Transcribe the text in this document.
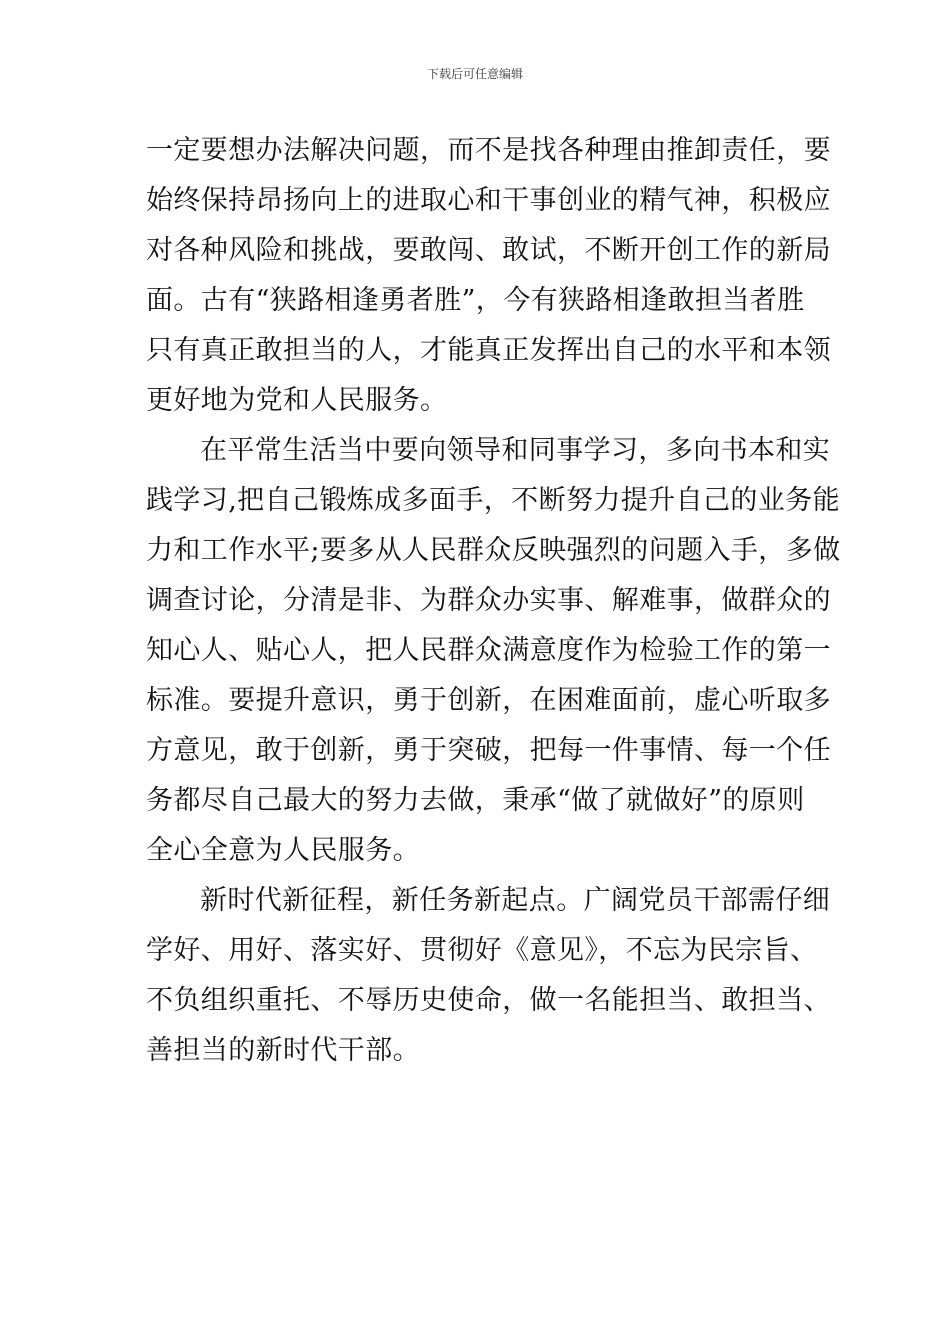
下载后可任意编辑
一定要想办法解决问题，而不是找各种理由推卸责任，要
始终保持昂扬向上的进取心和干事创业的精气神，积极应
对各种风险和挑战，要敢闯、敢试，不断开创工作的新局
面。古有“狭路相逢勇者胜”，今有狭路相逢敢担当者胜
只有真正敢担当的人，才能真正发挥出自己的水平和本领
更好地为党和人民服务。
在平常生活当中要向领导和同事学习，多向书本和实
践学习,把自己锻炼成多面手，不断努力提升自己的业务能
力和工作水平;要多从人民群众反映强烈的问题入手，多做
调查讨论，分清是非、为群众办实事、解难事，做群众的
知心人、贴心人，把人民群众满意度作为检验工作的第一
标准。要提升意识，勇于创新，在困难面前，虚心听取多
方意见，敢于创新，勇于突破，把每一件事情、每一个任
务都尽自己最大的努力去做，秉承“做了就做好”的原则
全心全意为人民服务。
新时代新征程，新任务新起点。广阔党员干部需仔细
学好、用好、落实好、贯彻好《意见》，不忘为民宗旨、
不负组织重托、不辱历史使命，做一名能担当、敢担当、
善担当的新时代干部。
